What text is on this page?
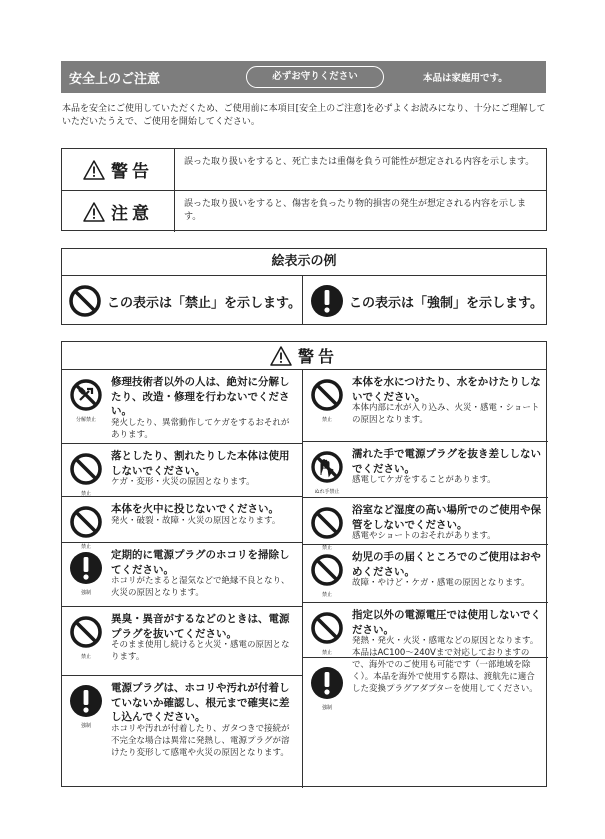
安全上のご注意	必ずお守りください	本品は家庭用です。
本品を安全にご使用していただくため、ご使用前に本項目[安全上のご注意]を必ずよくお読みになり、十分にご理解していただいたうえで、ご使用を開始してください。
警告	誤った取り扱いをすると、死亡または重傷を負う可能性が想定される内容を示します。
注意	誤った取り扱いをすると、傷害を負ったり物的損害の発生が想定される内容を示します。
絵表示の例
この表示は「禁止」を示します。	この表示は「強制」を示します。
警告
分解禁止
修理技術者以外の人は、絶対に分解したり、改造・修理を行わないでください。
発火したり、異常動作してケガをするおそれがあります。
禁止
落としたり、割れたりした本体は使用しないでください。
ケガ・変形・火災の原因となります。
禁止
本体を火中に投じないでください。
発火・破裂・故障・火災の原因となります。
強制
定期的に電源プラグのホコリを掃除してください。
ホコリがたまると湿気などで絶縁不良となり、火災の原因となります。
禁止
異臭・異音がするなどのときは、電源プラグを抜いてください。
そのまま使用し続けると火災・感電の原因となります。
強制
電源プラグは、ホコリや汚れが付着していないか確認し、根元まで確実に差し込んでください。
ホコリや汚れが付着したり、ガタつきで接続が不完全な場合は異常に発熱し、電源プラグが溶けたり変形して感電や火災の原因となります。
禁止
本体を水につけたり、水をかけたりしないでください。
本体内部に水が入り込み、火災・感電・ショートの原因となります。
ぬれ手禁止
濡れた手で電源プラグを抜き差ししないでください。
感電してケガをすることがあります。
禁止
浴室など湿度の高い場所でのご使用や保管をしないでください。
感電やショートのおそれがあります。
禁止
幼児の手の届くところでのご使用はおやめください。
故障・やけど・ケガ・感電の原因となります。
禁止
指定以外の電源電圧では使用しないでください。
発熱・発火・火災・感電などの原因となります。本品はAC100〜240Vまで対応しておりますので、海外でのご使用も可能です（一部地域を除く）。本品を海外で使用する際は、渡航先に適合した変換プラグアダプターを使用してください。
強制
